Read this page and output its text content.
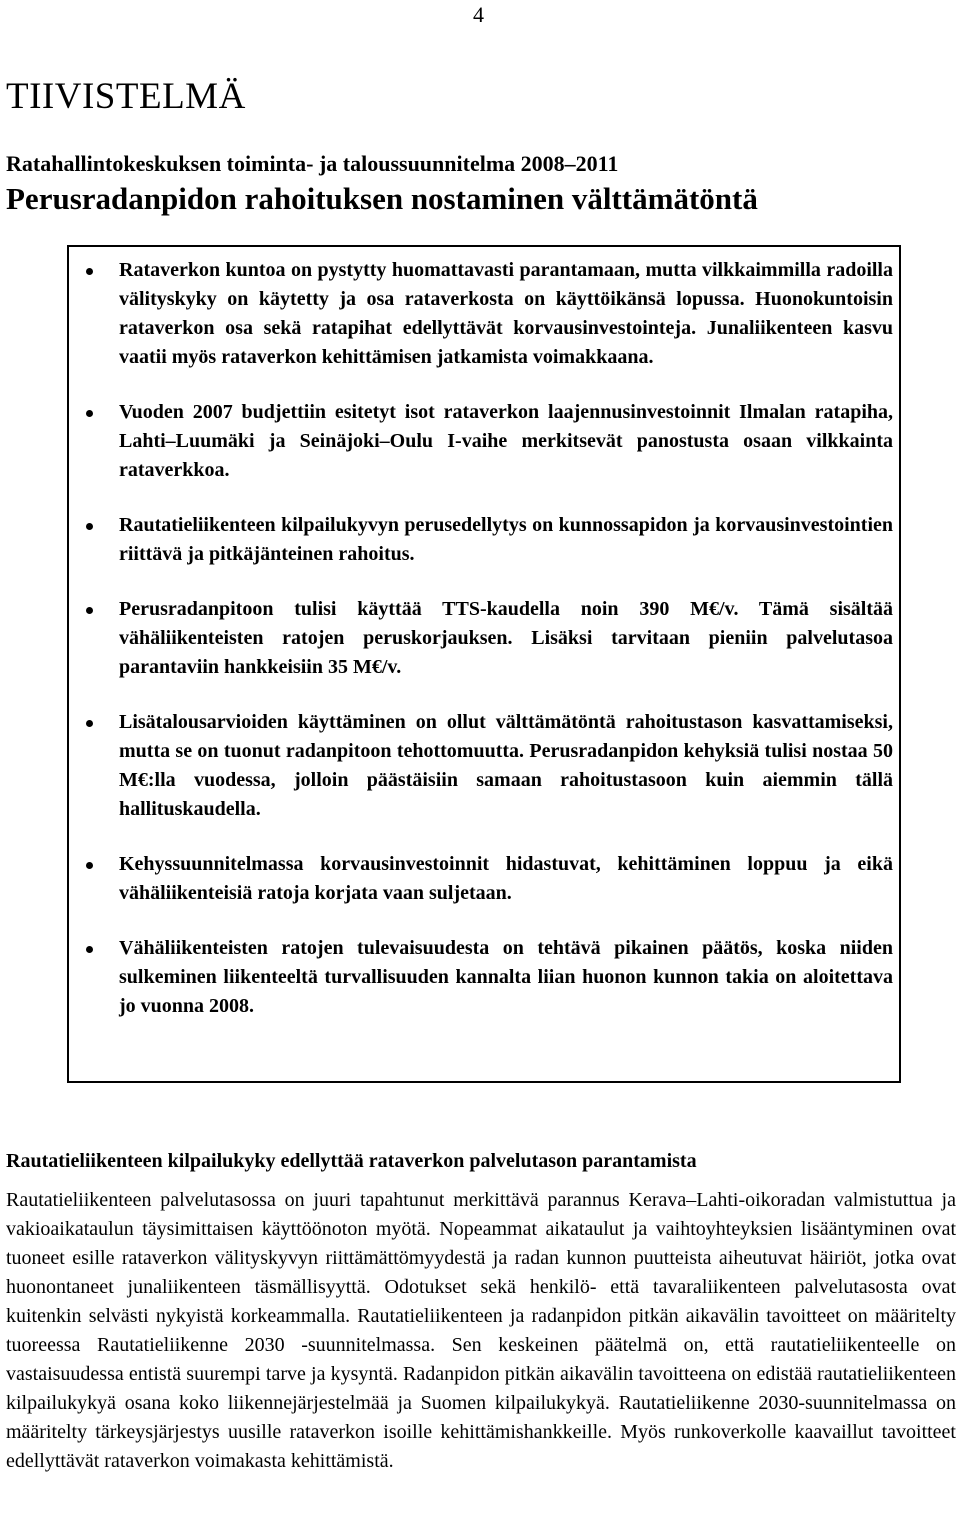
4
TIIVISTELMÄ
Ratahallintokeskuksen toiminta- ja taloussuunnitelma 2008–2011
Perusradanpidon rahoituksen nostaminen välttämätöntä
Rataverkon kuntoa on pystytty huomattavasti parantamaan, mutta vilkkaimmilla radoilla välityskyky on käytetty ja osa rataverkosta on käyttöikänsä lopussa. Huonokuntoisin rataverkon osa sekä ratapihat edellyttävät korvausinvestointeja. Junaliikenteen kasvu vaatii myös rataverkon kehittämisen jatkamista voimakkaana.
Vuoden 2007 budjettiin esitetyt isot rataverkon laajennusinvestoinnit Ilmalan ratapiha, Lahti–Luumäki ja Seinäjoki–Oulu I-vaihe merkitsevät panostusta osaan vilkkainta rataverkkoa.
Rautatieliikenteen kilpailukyvyn perusedellytys on kunnossapidon ja korvausinvestointien riittävä ja pitkäjänteinen rahoitus.
Perusradanpitoon tulisi käyttää TTS-kaudella noin 390 M€/v. Tämä sisältää vähäliikenteisten ratojen peruskorjauksen. Lisäksi tarvitaan pieniin palvelutasoa parantaviin hankkeisiin 35 M€/v.
Lisätalousarvioiden käyttäminen on ollut välttämätöntä rahoitustason kasvattamiseksi, mutta se on tuonut radanpitoon tehottomuutta. Perusradanpidon kehyksiä tulisi nostaa 50 M€:lla vuodessa, jolloin päästäisiin samaan rahoitustasoon kuin aiemmin tällä hallituskaudella.
Kehyssuunnitelmassa korvausinvestoinnit hidastuvat, kehittäminen loppuu ja eikä vähäliikenteisiä ratoja korjata vaan suljetaan.
Vähäliikenteisten ratojen tulevaisuudesta on tehtävä pikainen päätös, koska niiden sulkeminen liikenteeltä turvallisuuden kannalta liian huonon kunnon takia on aloitettava jo vuonna 2008.
Rautatieliikenteen kilpailukyky edellyttää rataverkon palvelutason parantamista

Rautatieliikenteen palvelutasossa on juuri tapahtunut merkittävä parannus Kerava–Lahti-oikoradan valmistuttua ja vakioaikataulun täysimittaisen käyttöönoton myötä. Nopeammat aikataulut ja vaihtoyhteyksien lisääntyminen ovat tuoneet esille rataverkon välityskyvyn riittämättömyydestä ja radan kunnon puutteista aiheutuvat häiriöt, jotka ovat huonontaneet junaliikenteen täsmällisyyttä. Odotukset sekä henkilö- että tavaraliikenteen palvelutasosta ovat kuitenkin selvästi nykyistä korkeammalla. Rautatieliikenteen ja radanpidon pitkän aikavälin tavoitteet on määritelty tuoreessa Rautatieliikenne 2030 -suunnitelmassa. Sen keskeinen päätelmä on, että rautatieliikenteelle on vastaisuudessa entistä suurempi tarve ja kysyntä. Radanpidon pitkän aikavälin tavoitteena on edistää rautatieliikenteen kilpailukykyä osana koko liikennejärjestelmää ja Suomen kilpailukykyä. Rautatieliikenne 2030-suunnitelmassa on määritelty tärkeysjärjestys uusille rataverkon isoille kehittämishankkeille. Myös runkoverkolle kaavaillut tavoitteet edellyttävät rataverkon voimakasta kehittämistä.
